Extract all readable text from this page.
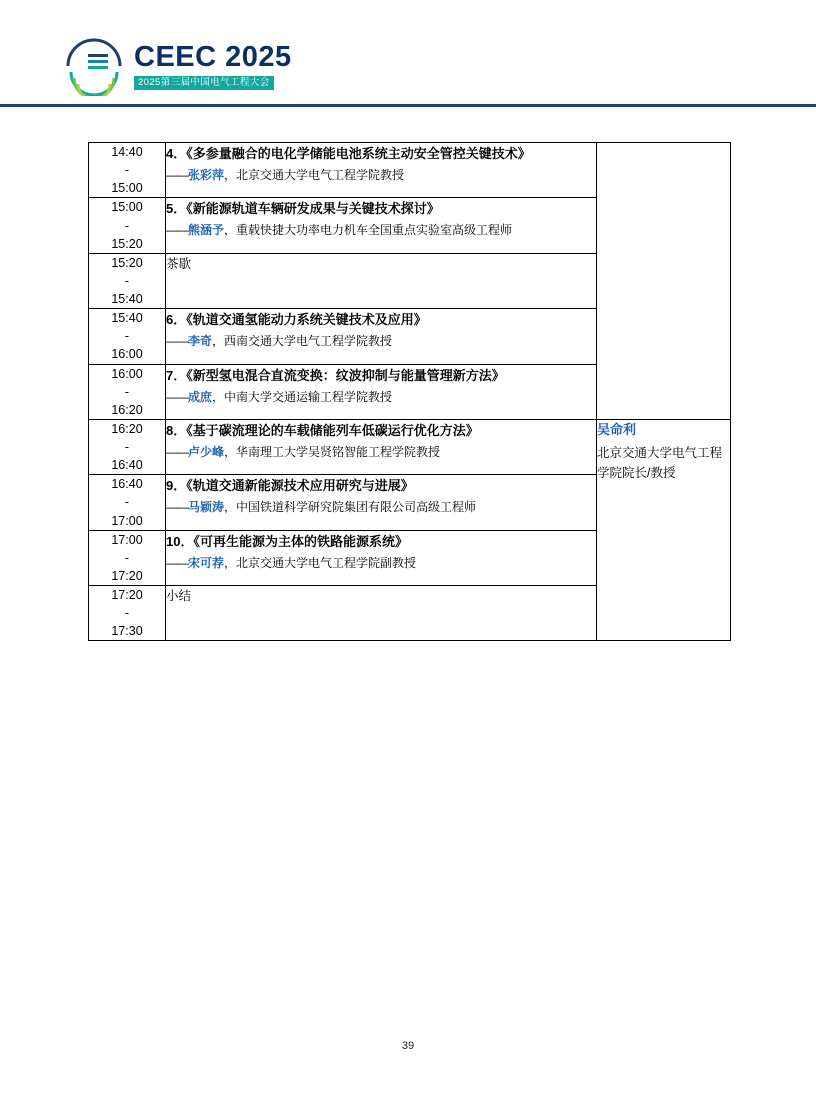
CEEC 2025
2025第三届中国电气工程大会
14:40
-
15:00

4．《多参量融合的电化学储能电池系统主动安全管控关键技术》
——张彩萍，北京交通大学电气工程学院教授

15:00
-
15:20

5．《新能源轨道车辆研发成果与关键技术探讨》
——熊涵予，重载快捷大功率电力机车全国重点实验室高级工程师

15:20
-
15:40	茶歇	

15:40
-
16:00

6．《轨道交通氢能动力系统关键技术及应用》
——李奇，西南交通大学电气工程学院教授

16:00
-
16:20

7．《新型氢电混合直流变换：纹波抑制与能量管理新方法》
——成庶，中南大学交通运输工程学院教授

16:20
-
16:40

8．《基于碳流理论的车载储能列车低碳运行优化方法》
——卢少峰，华南理工大学吴贤铭智能工程学院教授

吴命利
北京交通大学电气工程学院院长/教授

16:40
-
17:00

9．《轨道交通新能源技术应用研究与进展》
——马颖涛，中国铁道科学研究院集团有限公司高级工程师

17:00
-
17:20

10．《可再生能源为主体的铁路能源系统》
——宋可荐，北京交通大学电气工程学院副教授

17:20
-
17:30	小结	
39
